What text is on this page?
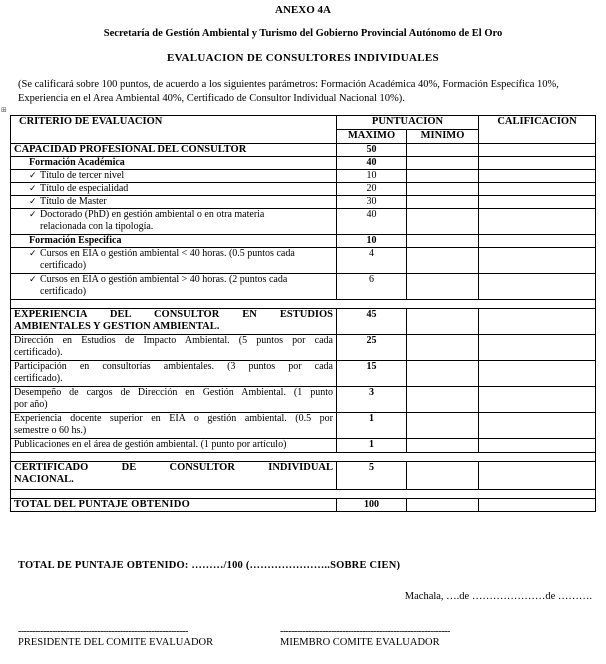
ANEXO 4A
Secretaría de Gestión Ambiental y Turismo del Gobierno Provincial Autónomo de El Oro
EVALUACION DE CONSULTORES INDIVIDUALES
(Se calificará sobre 100 puntos, de acuerdo a los siguientes parámetros: Formación Académica 40%, Formación Específica 10%, Experiencia en el Area Ambiental 40%, Certificado de Consultor Individual Nacional 10%).
⊞
CRITERIO DE EVALUACION	PUNTUACION		CALIFICACION
	MAXIMO	MINIMO	
CAPACIDAD PROFESIONAL DEL CONSULTOR	50		
Formación Académica	40		
✓ Título de tercer nivel	10		
✓ Título de especialidad	20		
✓ Título de Master	30		
✓ Doctorado (PhD) en gestión ambiental o en otra materia
relacionada con la tipología.	40		
Formación Especifica	10		
✓ Cursos en EIA o gestión ambiental < 40 horas. (0.5 puntos cada
certificado)	4		
✓ Cursos en EIA o gestión ambiental > 40 horas. (2 puntos cada
certificado)	6		

EXPERIENCIA DEL CONSULTOR EN ESTUDIOS
AMBIENTALES Y GESTION AMBIENTAL.	45		

Dirección en Estudios de Impacto Ambiental. (5 puntos por cada
certificado).	25		

Participación en consultorías ambientales. (3 puntos por cada
certificado).	15		

Desempeño de cargos de Dirección en Gestión Ambiental. (1 punto
por año)	3		

Experiencia docente superior en EIA o gestión ambiental. (0.5 por
semestre o 60 hs.)	1		
Publicaciones en el área de gestión ambiental. (1 punto por artículo)	1		

CERTIFICADO DE CONSULTOR INDIVIDUAL
NACIONAL.	5		

TOTAL DEL PUNTAJE OBTENIDO	100		
TOTAL DE PUNTAJE OBTENIDO: ………/100 (…………………..SOBRE CIEN)
Machala, ….de …………………de ……….
------------------------------------------------------------	------------------------------------------------------------
PRESIDENTE DEL COMITE EVALUADOR	MIEMBRO COMITE EVALUADOR
